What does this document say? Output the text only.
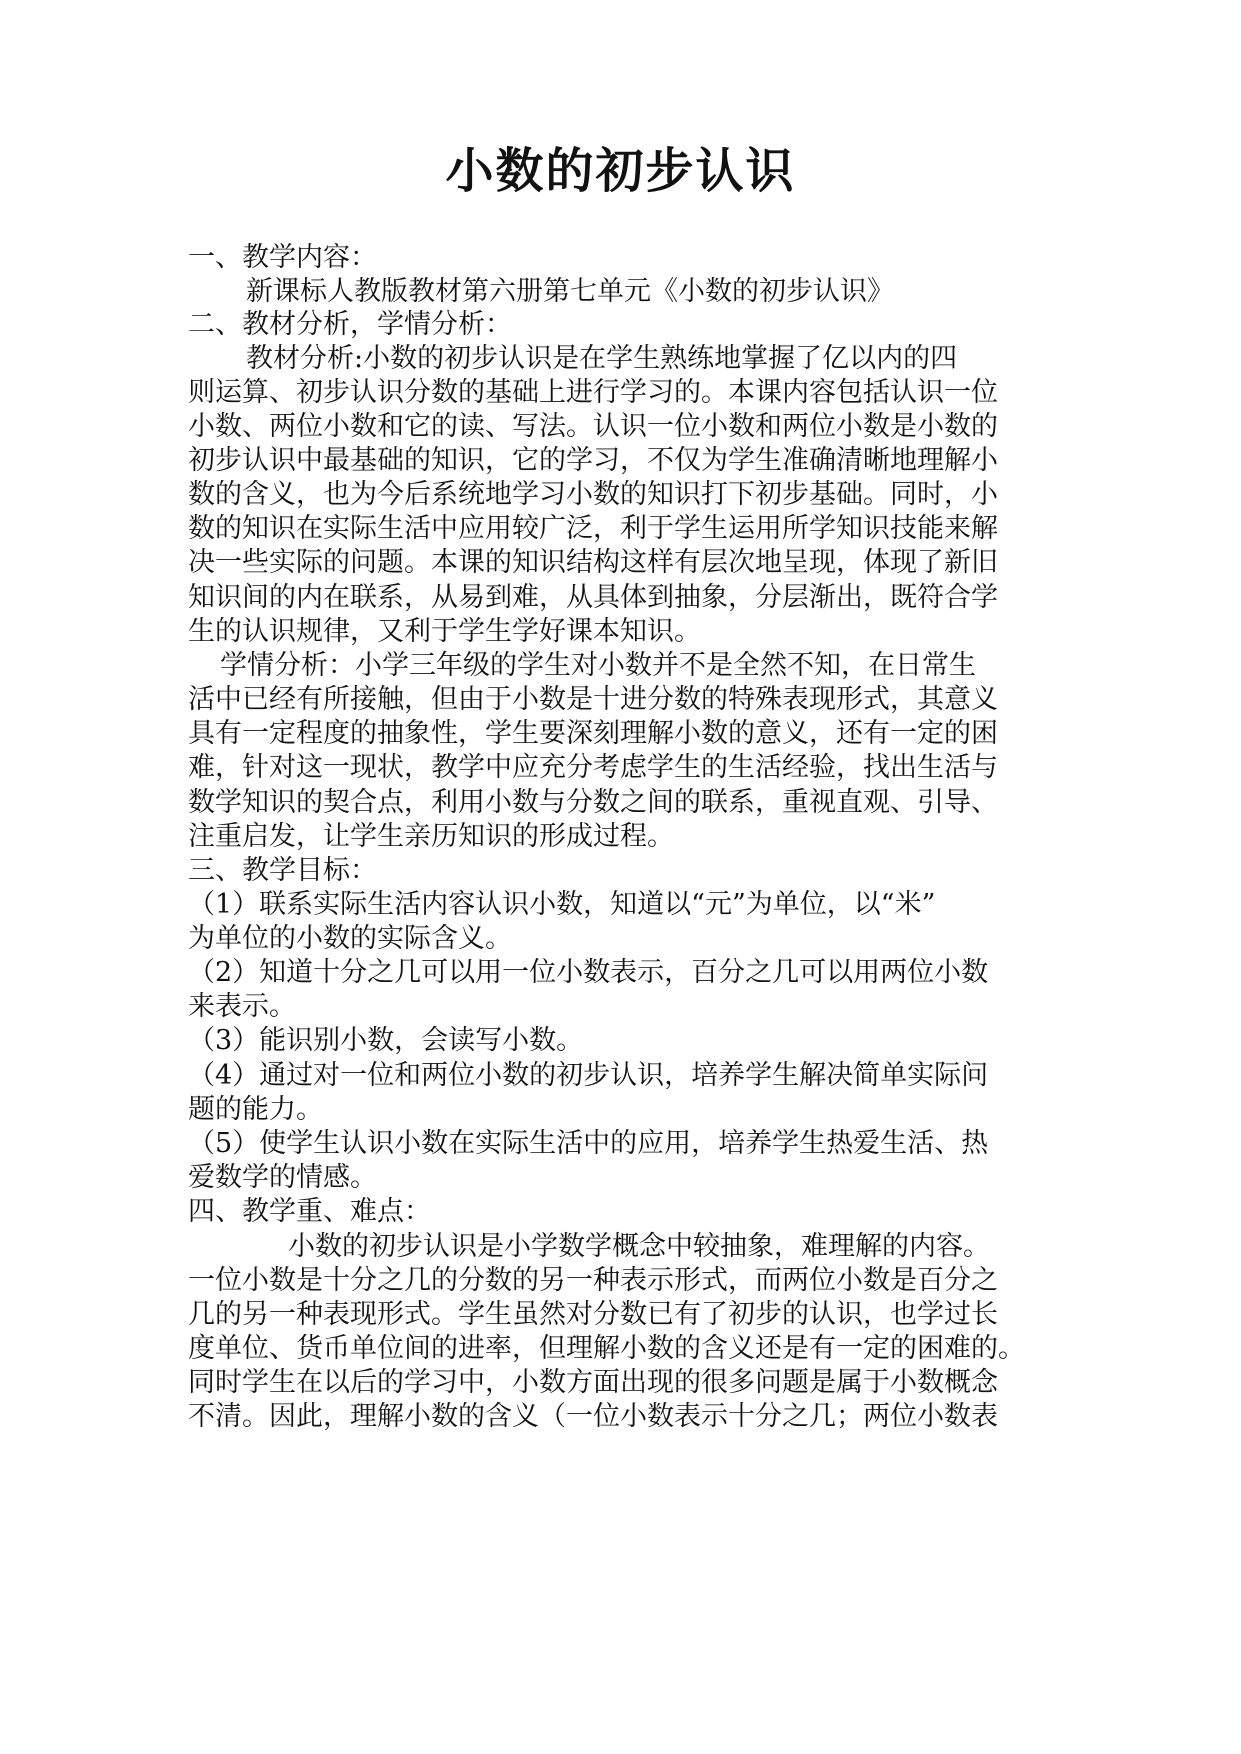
小数的初步认识
一、教学内容：
新课标人教版教材第六册第七单元《小数的初步认识》
二、教材分析，学情分析：
教材分析:小数的初步认识是在学生熟练地掌握了亿以内的四
则运算、初步认识分数的基础上进行学习的。本课内容包括认识一位
小数、两位小数和它的读、写法。认识一位小数和两位小数是小数的
初步认识中最基础的知识，它的学习，不仅为学生准确清晰地理解小
数的含义，也为今后系统地学习小数的知识打下初步基础。同时，小
数的知识在实际生活中应用较广泛，利于学生运用所学知识技能来解
决一些实际的问题。本课的知识结构这样有层次地呈现，体现了新旧
知识间的内在联系，从易到难，从具体到抽象，分层渐出，既符合学
生的认识规律，又利于学生学好课本知识。
学情分析：小学三年级的学生对小数并不是全然不知，在日常生
活中已经有所接触，但由于小数是十进分数的特殊表现形式，其意义
具有一定程度的抽象性，学生要深刻理解小数的意义，还有一定的困
难，针对这一现状，教学中应充分考虑学生的生活经验，找出生活与
数学知识的契合点，利用小数与分数之间的联系，重视直观、引导、
注重启发，让学生亲历知识的形成过程。
三、教学目标：
（1）联系实际生活内容认识小数，知道以“元”为单位，以“米”
为单位的小数的实际含义。
（2）知道十分之几可以用一位小数表示，百分之几可以用两位小数
来表示。
（3）能识别小数，会读写小数。
（4）通过对一位和两位小数的初步认识，培养学生解决简单实际问
题的能力。
（5）使学生认识小数在实际生活中的应用，培养学生热爱生活、热
爱数学的情感。
四、教学重、难点：
小数的初步认识是小学数学概念中较抽象，难理解的内容。
一位小数是十分之几的分数的另一种表示形式，而两位小数是百分之
几的另一种表现形式。学生虽然对分数已有了初步的认识，也学过长
度单位、货币单位间的进率，但理解小数的含义还是有一定的困难的。
同时学生在以后的学习中，小数方面出现的很多问题是属于小数概念
不清。因此，理解小数的含义（一位小数表示十分之几；两位小数表
